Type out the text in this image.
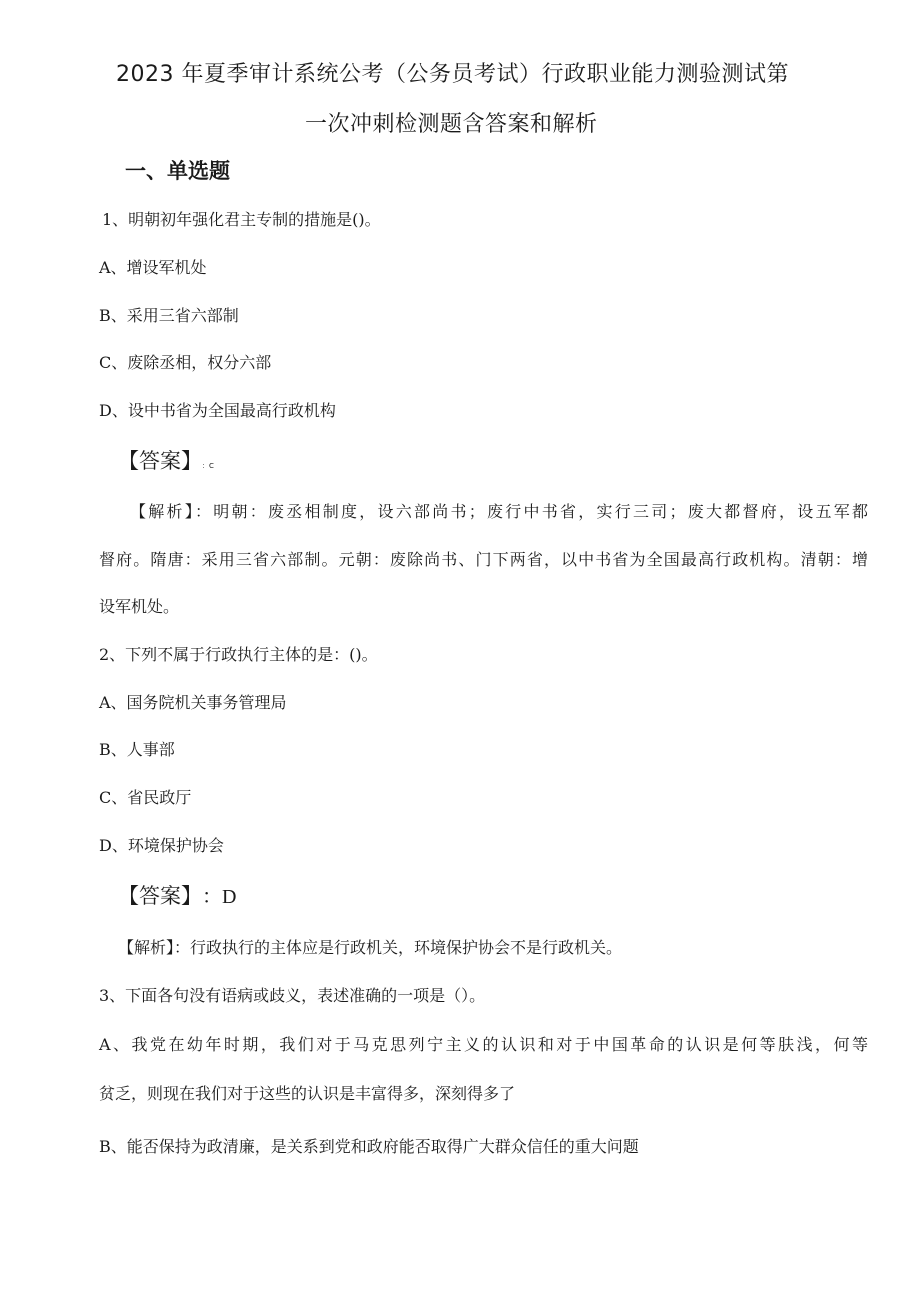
2023 年夏季审计系统公考（公务员考试）行政职业能力测验测试第
一次冲刺检测题含答案和解析
一、单选题
1、明朝初年强化君主专制的措施是()。
A、增设军机处
B、采用三省六部制
C、废除丞相，权分六部
D、设中书省为全国最高行政机构
【答案】 ：C
【解析】：明朝：废丞相制度，设六部尚书；废行中书省，实行三司；废大都督府，设五军都
督府。隋唐：采用三省六部制。元朝：废除尚书、门下两省，以中书省为全国最高行政机构。清朝：增
设军机处。
2、下列不属于行政执行主体的是：()。
A、国务院机关事务管理局
B、人事部
C、省民政厅
D、环境保护协会
【答案】 ：D
【解析】：行政执行的主体应是行政机关，环境保护协会不是行政机关。
3、下面各句没有语病或歧义，表述准确的一项是（）。
A、我党在幼年时期，我们对于马克思列宁主义的认识和对于中国革命的认识是何等肤浅，何等
贫乏，则现在我们对于这些的认识是丰富得多，深刻得多了
B、能否保持为政清廉，是关系到党和政府能否取得广大群众信任的重大问题
